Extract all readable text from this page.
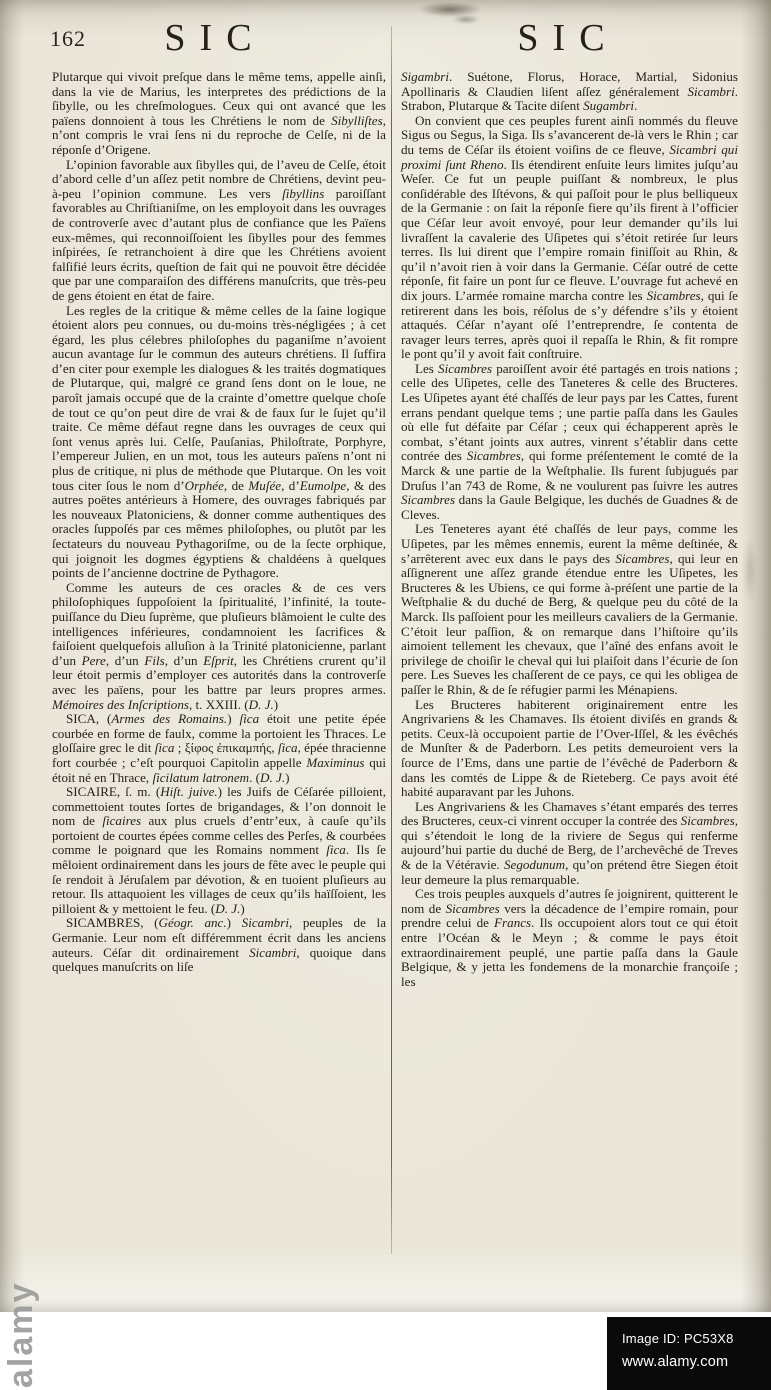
162	SIC	SIC

Plutarque qui vivoit preſque dans le même tems, appelle ainſi, dans la vie de Marius, les interpretes des prédictions de la ſibylle, ou les chreſmologues. Ceux qui ont avancé que les païens donnoient à tous les Chrétiens le nom de Sibylliſtes, n’ont compris le vrai ſens ni du reproche de Celſe, ni de la réponſe d’Origene.

L’opinion favorable aux ſibylles qui, de l’aveu de Celſe, étoit d’abord celle d’un aſſez petit nombre de Chrétiens, devint peu-à-peu l’opinion commune. Les vers ſibyllins paroiſſant favorables au Chriſtianiſme, on les employoit dans les ouvrages de controverſe avec d’autant plus de confiance que les Païens eux-mêmes, qui reconnoiſſoient les ſibylles pour des femmes inſpirées, ſe retranchoient à dire que les Chrétiens avoient falſifié leurs écrits, queſtion de fait qui ne pouvoit être décidée que par une comparaiſon des différens manuſcrits, que très-peu de gens étoient en état de faire.

Les regles de la critique & même celles de la ſaine logique étoient alors peu connues, ou du-moins très-négligées ; à cet égard, les plus célebres philoſophes du paganiſme n’avoient aucun avantage ſur le commun des auteurs chrétiens. Il ſuffira d’en citer pour exemple les dialogues & les traités dogmatiques de Plutarque, qui, malgré ce grand ſens dont on le loue, ne paroît jamais occupé que de la crainte d’omettre quelque choſe de tout ce qu’on peut dire de vrai & de faux ſur le ſujet qu’il traite. Ce même défaut regne dans les ouvrages de ceux qui ſont venus après lui. Celſe, Pauſanias, Philoſtrate, Porphyre, l’empereur Julien, en un mot, tous les auteurs païens n’ont ni plus de critique, ni plus de méthode que Plutarque. On les voit tous citer ſous le nom d’Orphée, de Muſée, d’Eumolpe, & des autres poëtes antérieurs à Homere, des ouvrages fabriqués par les nouveaux Platoniciens, & donner comme authentiques des oracles ſuppoſés par ces mêmes philoſophes, ou plutôt par les ſectateurs du nouveau Pythagoriſme, ou de la ſecte orphique, qui joignoit les dogmes égyptiens & chaldéens à quelques points de l’ancienne doctrine de Pythagore.

Comme les auteurs de ces oracles & de ces vers philoſophiques ſuppoſoient la ſpiritualité, l’infinité, la toute-puiſſance du Dieu ſuprème, que pluſieurs blâmoient le culte des intelligences inférieures, condamnoient les ſacrifices & faiſoient quelquefois alluſion à la Trinité platonicienne, parlant d’un Pere, d’un Fils, d’un Eſprit, les Chrétiens crurent qu’il leur étoit permis d’employer ces autorités dans la controverſe avec les païens, pour les battre par leurs propres armes. Mémoires des Inſcriptions, t. XXIII. (D. J.)

SICA, (Armes des Romains.) ſica étoit une petite épée courbée en forme de faulx, comme la portoient les Thraces. Le gloſſaire grec le dit ſica ; ξίφος ἐπικαμπής, ſica, épée thracienne fort courbée ; c’eſt pourquoi Capitolin appelle Maximinus qui étoit né en Thrace, ſicilatum latronem. (D. J.)

SICAIRE, ſ. m. (Hiſt. juive.) les Juifs de Céſarée pilloient, commettoient toutes ſortes de brigandages, & l’on donnoit le nom de ſicaires aux plus cruels d’entr’eux, à cauſe qu’ils portoient de courtes épées comme celles des Perſes, & courbées comme le poignard que les Romains nomment ſica. Ils ſe mêloient ordinairement dans les jours de fête avec le peuple qui ſe rendoit à Jéruſalem par dévotion, & en tuoient pluſieurs au retour. Ils attaquoient les villages de ceux qu’ils haïſſoient, les pilloient & y mettoient le feu. (D. J.)

SICAMBRES, (Géogr. anc.) Sicambri, peuples de la Germanie. Leur nom eſt différemment écrit dans les anciens auteurs. Céſar dit ordinairement Sicambri, quoique dans quelques manuſcrits on liſe

Sigambri. Suétone, Florus, Horace, Martial, Sidonius Apollinaris & Claudien liſent aſſez généralement Sicambri. Strabon, Plutarque & Tacite diſent Sugambri.

On convient que ces peuples furent ainſi nommés du fleuve Sigus ou Segus, la Siga. Ils s’avancerent de-là vers le Rhin ; car du tems de Céſar ils étoient voiſins de ce fleuve, Sicambri qui proximi ſunt Rheno. Ils étendirent enſuite leurs limites juſqu’au Weſer. Ce fut un peuple puiſſant & nombreux, le plus conſidérable des Iſtévons, & qui paſſoit pour le plus belliqueux de la Germanie : on ſait la réponſe fiere qu’ils firent à l’officier que Céſar leur avoit envoyé, pour leur demander qu’ils lui livraſſent la cavalerie des Uſipetes qui s’étoit retirée ſur leurs terres. Ils lui dirent que l’empire romain finiſſoit au Rhin, & qu’il n’avoit rien à voir dans la Germanie. Céſar outré de cette réponſe, fit faire un pont ſur ce fleuve. L’ouvrage fut achevé en dix jours. L’armée romaine marcha contre les Sicambres, qui ſe retirerent dans les bois, réſolus de s’y défendre s’ils y étoient attaqués. Céſar n’ayant oſé l’entreprendre, ſe contenta de ravager leurs terres, après quoi il repaſſa le Rhin, & fit rompre le pont qu’il y avoit fait conſtruire.

Les Sicambres paroiſſent avoir été partagés en trois nations ; celle des Uſipetes, celle des Taneteres & celle des Bructeres. Les Uſipetes ayant été chaſſés de leur pays par les Cattes, furent errans pendant quelque tems ; une partie paſſa dans les Gaules où elle fut défaite par Céſar ; ceux qui échapperent après le combat, s’étant joints aux autres, vinrent s’établir dans cette contrée des Sicambres, qui forme préſentement le comté de la Marck & une partie de la Weſtphalie. Ils furent ſubjugués par Druſus l’an 743 de Rome, & ne voulurent pas ſuivre les autres Sicambres dans la Gaule Belgique, les duchés de Guadnes & de Cleves.

Les Teneteres ayant été chaſſés de leur pays, comme les Uſipetes, par les mêmes ennemis, eurent la même deſtinée, & s’arrêterent avec eux dans le pays des Sicambres, qui leur en aſſignerent une aſſez grande étendue entre les Uſipetes, les Bructeres & les Ubiens, ce qui forme à-préſent une partie de la Weſtphalie & du duché de Berg, & quelque peu du côté de la Marck. Ils paſſoient pour les meilleurs cavaliers de la Germanie. C’étoit leur paſſion, & on remarque dans l’hiſtoire qu’ils aimoient tellement les chevaux, que l’aîné des enfans avoit le privilege de choiſir le cheval qui lui plaiſoit dans l’écurie de ſon pere. Les Sueves les chaſſerent de ce pays, ce qui les obligea de paſſer le Rhin, & de ſe réfugier parmi les Ménapiens.

Les Bructeres habiterent originairement entre les Angrivariens & les Chamaves. Ils étoient diviſés en grands & petits. Ceux-là occupoient partie de l’Over-Iſſel, & les évêchés de Munſter & de Paderborn. Les petits demeuroient vers la ſource de l’Ems, dans une partie de l’évêché de Paderborn & dans les comtés de Lippe & de Rieteberg. Ce pays avoit été habité auparavant par les Juhons.

Les Angrivariens & les Chamaves s’étant emparés des terres des Bructeres, ceux-ci vinrent occuper la contrée des Sicambres, qui s’étendoit le long de la riviere de Segus qui renferme aujourd’hui partie du duché de Berg, de l’archevêché de Treves & de la Vétéravie. Segodunum, qu’on prétend être Siegen étoit leur demeure la plus remarquable.

Ces trois peuples auxquels d’autres ſe joignirent, quitterent le nom de Sicambres vers la décadence de l’empire romain, pour prendre celui de Francs. Ils occupoient alors tout ce qui étoit entre l’Océan & le Meyn ; & comme le pays étoit extraordinairement peuplé, une partie paſſa dans la Gaule Belgique, & y jetta les fondemens de la monarchie françoiſe ; les

alamy	Image ID: PC53X8
www.alamy.com
